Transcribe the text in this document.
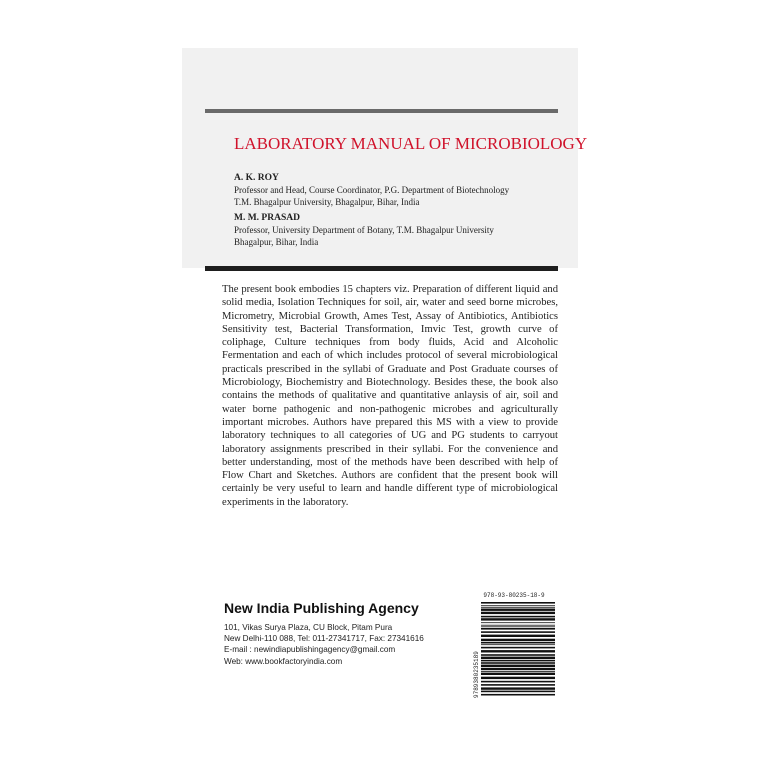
LABORATORY MANUAL OF MICROBIOLOGY
A. K. ROY
Professor and Head, Course Coordinator, P.G. Department of Biotechnology
T.M. Bhagalpur University, Bhagalpur, Bihar, India
M. M. PRASAD
Professor, University Department of Botany, T.M. Bhagalpur University
Bhagalpur, Bihar, India

The present book embodies 15 chapters viz. Preparation of different liquid and solid media, Isolation Techniques for soil, air, water and seed borne microbes, Micrometry, Microbial Growth, Ames Test, Assay of Antibiotics, Antibiotics Sensitivity test, Bacterial Transformation, Imvic Test, growth curve of coliphage, Culture techniques from body fluids, Acid and Alcoholic Fermentation and each of which includes protocol of several microbiological practicals prescribed in the syllabi of Graduate and Post Graduate courses of Microbiology, Biochemistry and Biotechnology. Besides these, the book also contains the methods of qualitative and quantitative anlaysis of air, soil and water borne pathogenic and non-pathogenic microbes and agriculturally important microbes. Authors have prepared this MS with a view to provide laboratory techniques to all categories of UG and PG students to carryout laboratory assignments prescribed in their syllabi. For the convenience and better understanding, most of the methods have been described with help of Flow Chart and Sketches. Authors are confident that the present book will certainly be very useful to learn and handle different type of microbiological experiments in the laboratory.

New India Publishing Agency
101, Vikas Surya Plaza, CU Block, Pitam Pura
New Delhi-110 088, Tel: 011-27341717, Fax: 27341616
E-mail : newindiapublishingagency@gmail.com
Web: www.bookfactoryindia.com
978-93-80235-18-9
9789380235189
